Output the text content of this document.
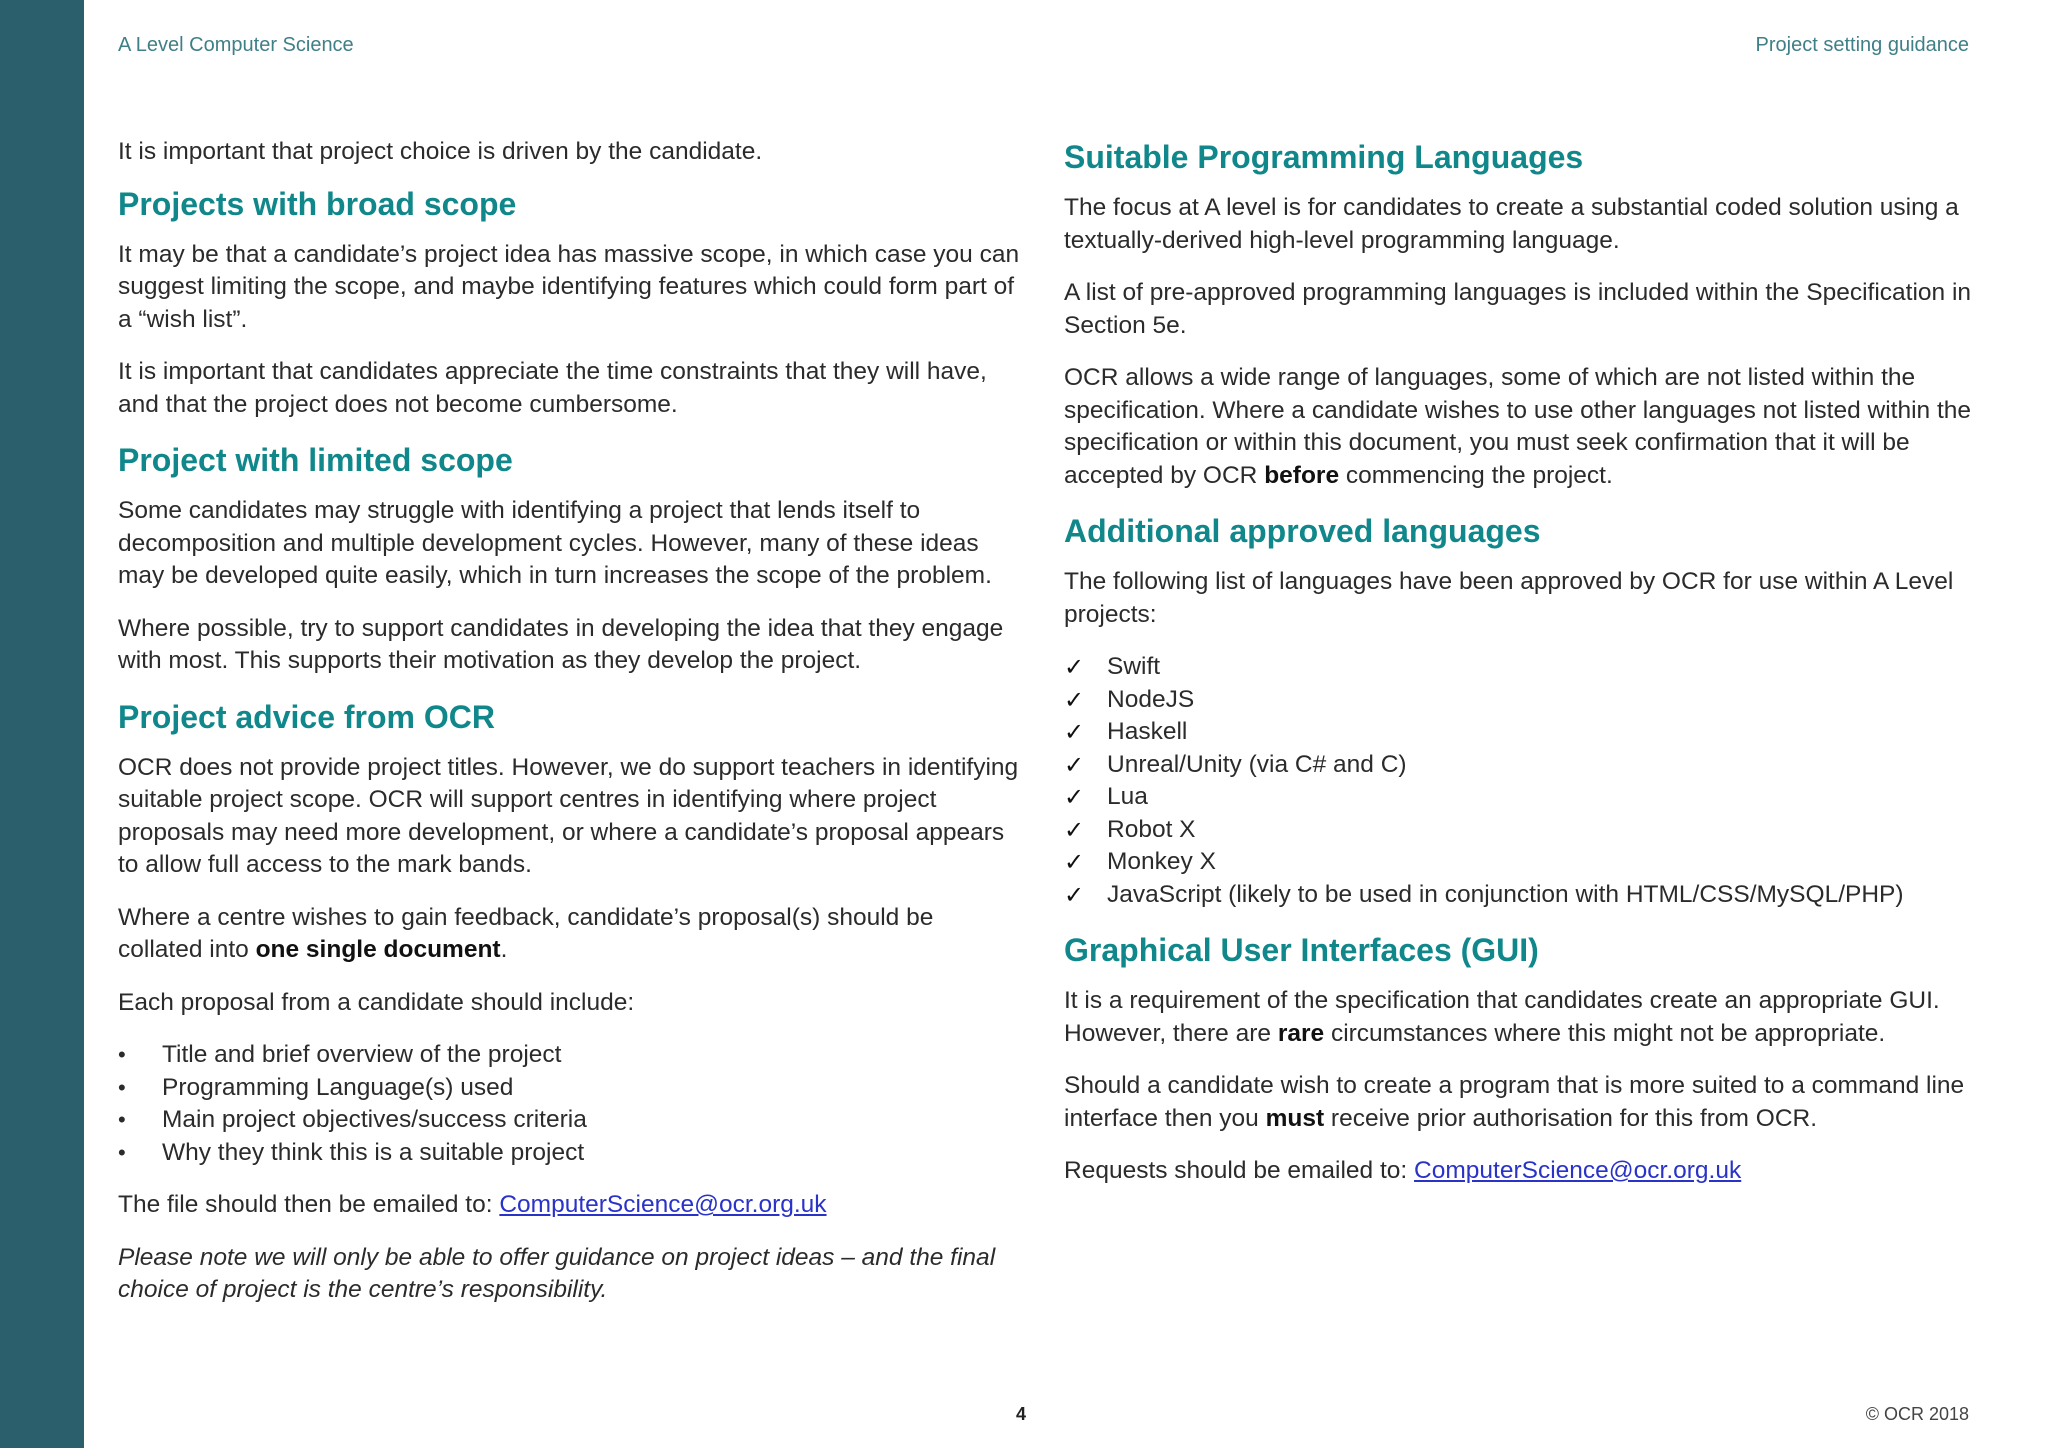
A Level Computer Science	Project setting guidance

It is important that project choice is driven by the candidate.

Projects with broad scope

It may be that a candidate’s project idea has massive scope, in which case you can suggest limiting the scope, and maybe identifying features which could form part of a “wish list”.

It is important that candidates appreciate the time constraints that they will have, and that the project does not become cumbersome.

Project with limited scope

Some candidates may struggle with identifying a project that lends itself to decomposition and multiple development cycles. However, many of these ideas may be developed quite easily, which in turn increases the scope of the problem.

Where possible, try to support candidates in developing the idea that they engage with most. This supports their motivation as they develop the project.

Project advice from OCR

OCR does not provide project titles. However, we do support teachers in identifying suitable project scope. OCR will support centres in identifying where project proposals may need more development, or where a candidate’s proposal appears to allow full access to the mark bands.

Where a centre wishes to gain feedback, candidate’s proposal(s) should be collated into one single document.

Each proposal from a candidate should include:

• Title and brief overview of the project
• Programming Language(s) used
• Main project objectives/success criteria
• Why they think this is a suitable project

The file should then be emailed to: ComputerScience@ocr.org.uk

Please note we will only be able to offer guidance on project ideas – and the final choice of project is the centre’s responsibility.

Suitable Programming Languages

The focus at A level is for candidates to create a substantial coded solution using a textually-derived high-level programming language.

A list of pre-approved programming languages is included within the Specification in Section 5e.

OCR allows a wide range of languages, some of which are not listed within the specification. Where a candidate wishes to use other languages not listed within the specification or within this document, you must seek confirmation that it will be accepted by OCR before commencing the project.

Additional approved languages

The following list of languages have been approved by OCR for use within A Level projects:

✓ Swift
✓ NodeJS
✓ Haskell
✓ Unreal/Unity (via C# and C)
✓ Lua
✓ Robot X
✓ Monkey X
✓ JavaScript (likely to be used in conjunction with HTML/CSS/MySQL/PHP)
Graphical User Interfaces (GUI)

It is a requirement of the specification that candidates create an appropriate GUI. However, there are rare circumstances where this might not be appropriate.

Should a candidate wish to create a program that is more suited to a command line interface then you must receive prior authorisation for this from OCR.

Requests should be emailed to: ComputerScience@ocr.org.uk

4	© OCR 2018
